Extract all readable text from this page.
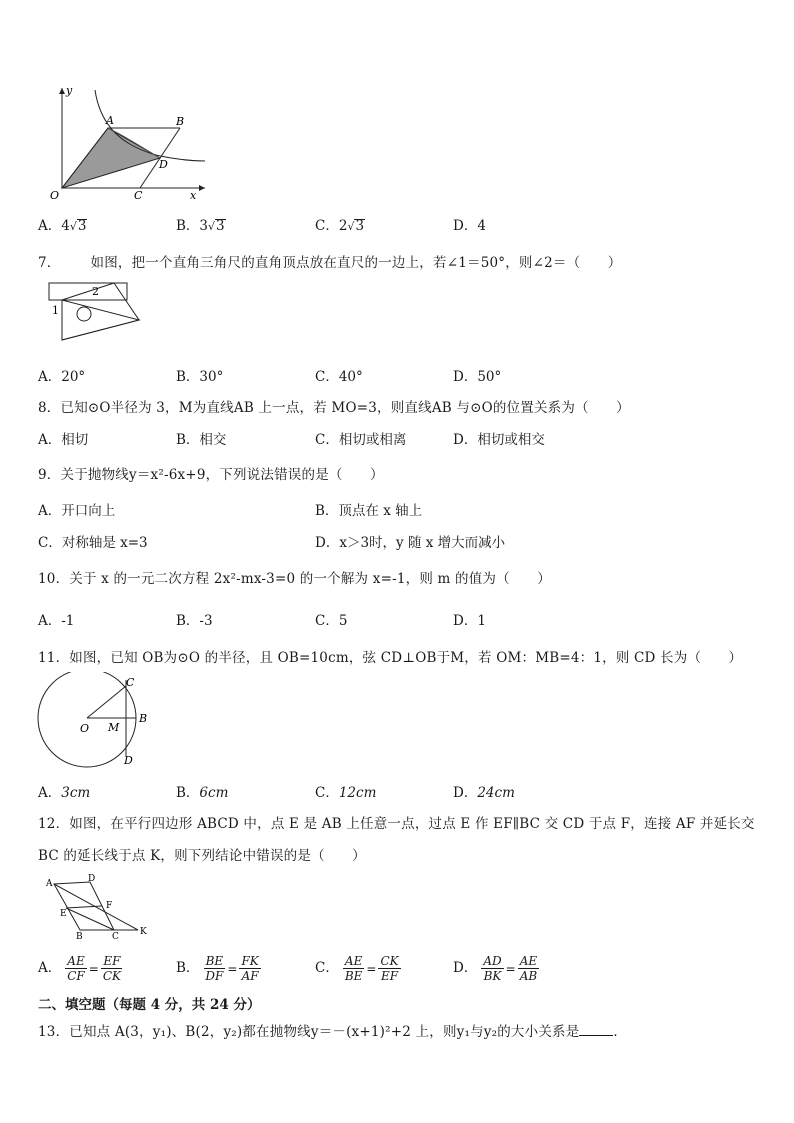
y
x
O
A	B
C
D
A．4√3	B．3√3	C．2√3	D．4
7． 如图，把一个直角三角尺的直角顶点放在直尺的一边上，若∠1＝50°，则∠2＝（　　）
1
2
A．20°	B．30°	C．40°	D．50°
8．已知⊙O半径为 3，M为直线AB 上一点，若 MO=3，则直线AB 与⊙O的位置关系为（　　）
A．相切	B．相交	C．相切或相离	D．相切或相交
9．关于抛物线y＝x²-6x+9，下列说法错误的是（　　）
A．开口向上	B．顶点在 x 轴上
C．对称轴是 x=3	D．x＞3时，y 随 x 增大而减小
10．关于 x 的一元二次方程 2x²-mx-3=0 的一个解为 x=-1，则 m 的值为（　　）
A．-1	B．-3	C．5	D．1
11．如图，已知 OB为⊙O 的半径，且 OB=10cm，弦 CD⊥OB于M，若 OM：MB=4：1，则 CD 长为（　　）
O M
B
C
D
A．3cm	B．6cm	C．12cm	D．24cm
12．如图，在平行四边形 ABCD 中，点 E 是 AB 上任意一点，过点 E 作 EF∥BC 交 CD 于点 F，连接 AF 并延长交
BC 的延长线于点 K，则下列结论中错误的是（　　）
A	D
E
F
B	C K
A． $\frac{AE}{CF} = \frac{EF}{CK}$	B． $\frac{BE}{DF} = \frac{FK}{AF}$	C． $\frac{AE}{BE} = \frac{CK}{EF}$	D． $\frac{AD}{BK} = \frac{AE}{AB}$
二、填空题（每题 4 分，共 24 分）
13．已知点 A(3，y₁)、B(2，y₂)都在抛物线y＝－(x+1)²+2 上，则y₁与y₂的大小关系是	．
